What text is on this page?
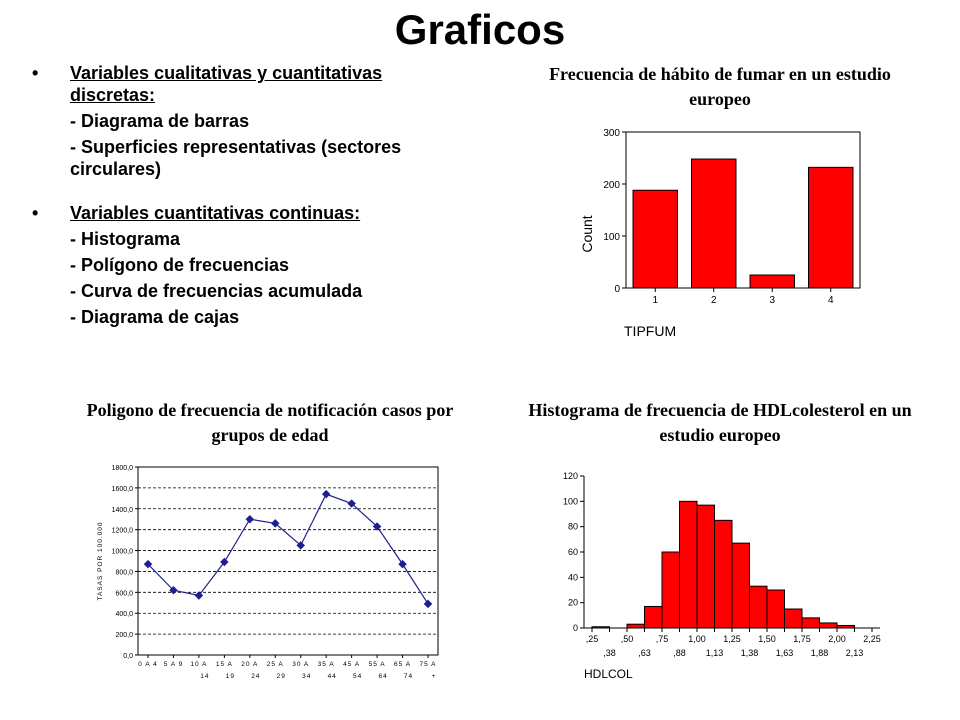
Graficos
• Variables cualitativas y cuantitativas discretas:
- Diagrama de barras
- Superficies representativas (sectores circulares)
• Variables cuantitativas continuas:
- Histograma
- Polígono de frecuencias
- Curva de frecuencias acumulada
- Diagrama de cajas
Frecuencia de hábito de fumar en un estudio europeo
Poligono de frecuencia de notificación casos por grupos de edad
Histograma de frecuencia de HDLcolesterol en un estudio europeo
0
100
200
300
1	2	3	4
Count
TIPFUM
0,0
200,0
400,0
600,0
800,0
1000,0
1200,0
1400,0
1600,0
1800,0
0 A 4 5 A 9 10 A
14
15 A
19
20 A
24
25 A
29
30 A
34
35 A
44
45 A
54
55 A
64
65 A
74
75 A
+
TASAS POR 100.000
0
20
40
60
80
100
120
,25 ,50 ,75 1,00 1,25 1,50 1,75 2,00 2,25
,38 ,63 ,88 1,13 1,38 1,63 1,88 2,13
HDLCOL
